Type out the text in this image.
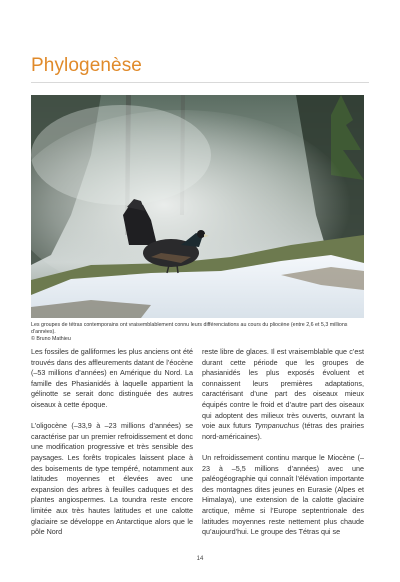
Phylogenèse
Les groupes de tétras contemporains ont vraisemblablement connu leurs différenciations au cours du pliocène (entre 2,6 et 5,3 millions d’années).
© Bruno Mathieu

Les fossiles de galliformes les plus anciens ont été trouvés dans des affleurements datant de l’éocène (–53 millions d’années) en Amérique du Nord. La famille des Phasianidés à laquelle appartient la gélinotte se serait donc distinguée des autres oiseaux à cette époque.

L’oligocène (–33,9 à –23 millions d’années) se caractérise par un premier refroidissement et donc une modification progressive et très sensible des paysages. Les forêts tropicales laissent place à des boisements de type tempéré, notamment aux latitudes moyennes et élevées avec une expansion des arbres à feuilles caduques et des plantes angiospermes. La toundra reste encore limitée aux très hautes latitudes et une calotte glaciaire se développe en Antarctique alors que le pôle Nord

reste libre de glaces. Il est vraisemblable que c’est durant cette période que les groupes de phasianidés les plus exposés évoluent et connaissent leurs premières adaptations, caractérisant d’une part des oiseaux mieux équipés contre le froid et d’autre part des oiseaux qui adoptent des milieux très ouverts, ouvrant la voie aux futurs Tympanuchus (tétras des prairies nord-américaines).

Un refroidissement continu marque le Miocène (–23 à –5,5 millions d’années) avec une paléogéographie qui connaît l’élévation importante des montagnes dites jeunes en Eurasie (Alpes et Himalaya), une extension de la calotte glaciaire arctique, même si l’Europe septentrionale des latitudes moyennes reste nettement plus chaude qu’aujourd’hui. Le groupe des Tétras qui se

14
